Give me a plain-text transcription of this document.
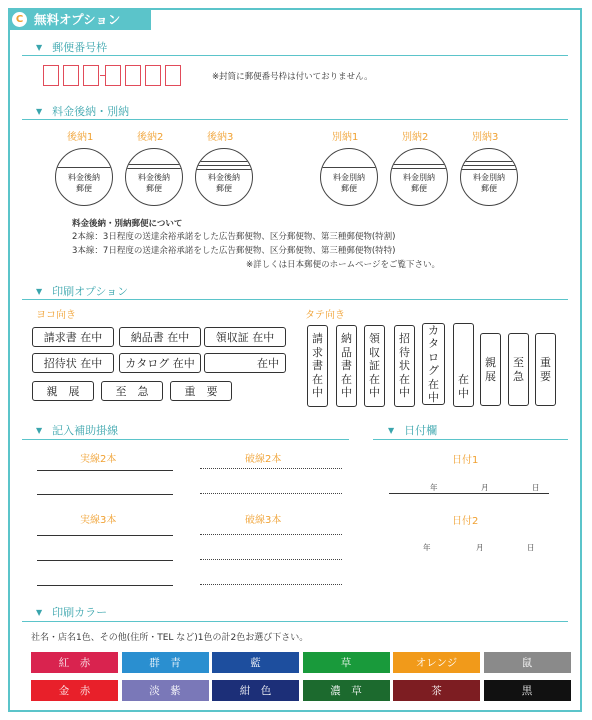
C 無料オプション
▼ 郵便番号枠
※封筒に郵便番号枠は付いておりません。
▼ 料金後納・別納
後納1
料金後納
郵便
後納2
料金後納
郵便
後納3
料金後納
郵便
別納1
料金別納
郵便
別納2
料金別納
郵便
別納3
料金別納
郵便
料金後納・別納郵便について
2本線：3日程度の送達余裕承諾をした広告郵便物、区分郵便物、第三種郵便物(特割)
3本線：7日程度の送達余裕承諾をした広告郵便物、区分郵便物、第三種郵便物(特特)
※詳しくは日本郵便のホームページをご覧下さい。
▼ 印刷オプション
ヨコ向き	タテ向き
請求書 在中	納品書 在中	領収証 在中
招待状 在中	カタログ 在中	在中
親　展	至　急	重　要
請
求
書
在
中
納
品
書
在
中
領
収
証
在
中
招
待
状
在
中
カ
タ
ロ
グ
在
中
在
中
親
展
至
急
重
要
▼ 記入補助掛線
実線2本	破線2本
実線3本	破線3本
▼ 日付欄
日付1
年	月	日
日付2
年	月	日
▼ 印刷カラー
社名・店名1色、その他(住所・TEL など)1色の計2色お選び下さい。
紅　赤	群　青	藍	草	オレンジ	鼠
金　赤	淡　紫	紺　色	濃　草	茶	黒
